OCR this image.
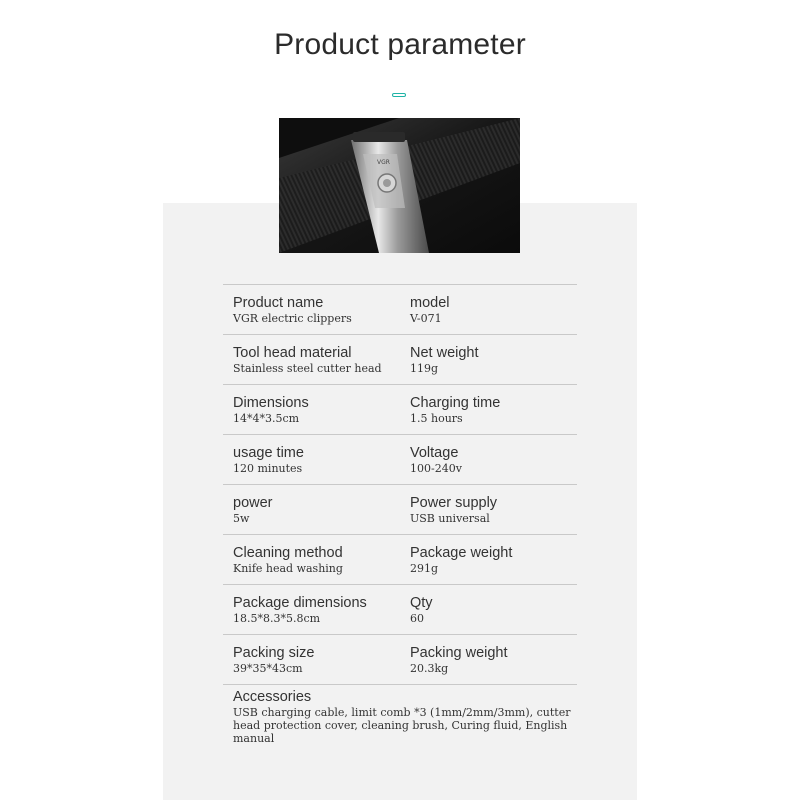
Product parameter
VGR
Product name
VGR electric clippers
model
V-071
Tool head material
Stainless steel cutter head
Net weight
119g
Dimensions
14*4*3.5cm
Charging time
1.5 hours
usage time
120 minutes
Voltage
100-240v
power
5w
Power supply
USB universal
Cleaning method
Knife head washing
Package weight
291g
Package dimensions
18.5*8.3*5.8cm
Qty
60
Packing size
39*35*43cm
Packing weight
20.3kg
Accessories
USB charging cable, limit comb *3 (1mm/2mm/3mm), cutter head protection cover, cleaning brush, Curing fluid, English manual
